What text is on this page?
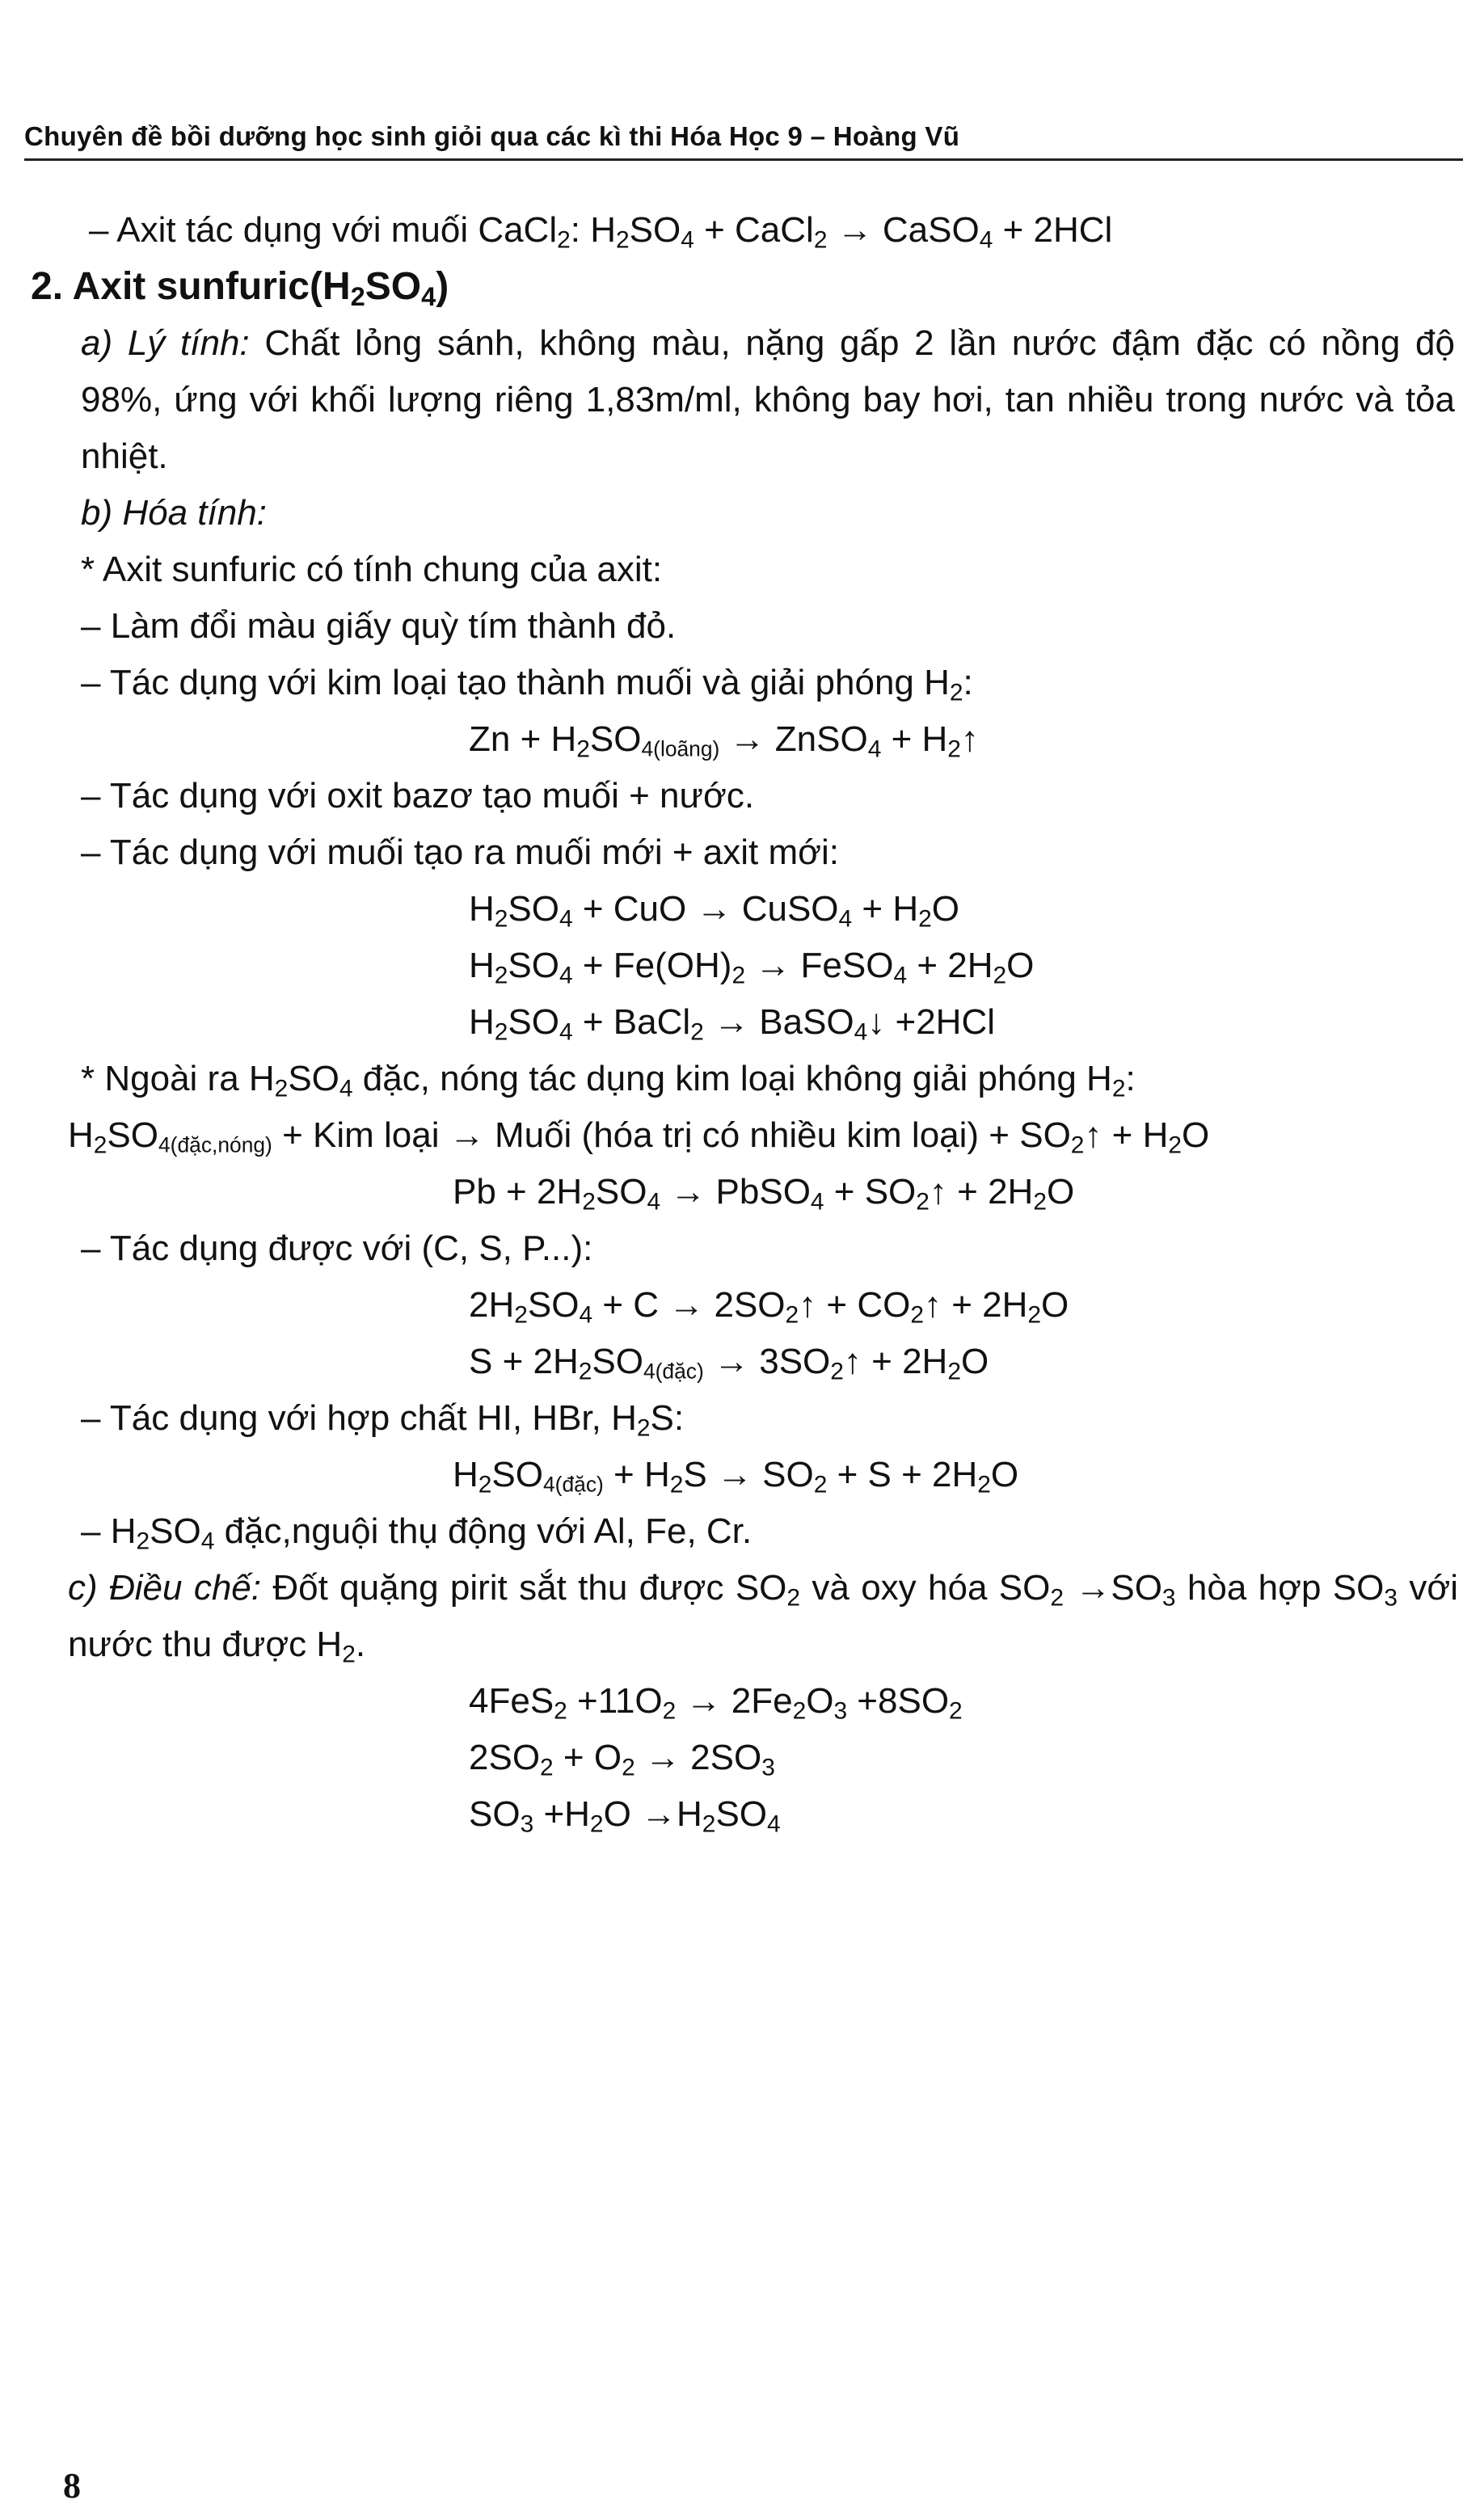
Chuyên đề bồi dưỡng học sinh giỏi qua các kì thi Hóa Học 9 – Hoàng Vũ
– Axit tác dụng với muối CaCl$_2$: $H_2SO_4$ + CaCl$_2$ → CaSO$_4$ + 2HCl
2. Axit $sunfuric(H_2SO_4)$
a) Lý tính: Chất lỏng sánh, không màu, nặng gấp 2 lần nước đậm đặc có nồng độ 98%, ứng với khối lượng riêng 1,83m/ml, không bay hơi, tan nhiều trong nước và tỏa nhiệt.
b) Hóa tính:
* Axit sunfuric có tính chung của axit:
– Làm đổi màu giấy quỳ tím thành đỏ.
– Tác dụng với kim loại tạo thành muối và giải phóng $H_2$:
$Zn + H_2SO_{4(loãng)}$ → ZnSO$_4$ + $H_2$ ↑
– Tác dụng với oxit bazơ tạo muối + nước.
– Tác dụng với muối tạo ra muối mới + axit mới:
$H_2SO_4$ + CuO → CuSO$_4$ + $H_2O$
$H_2SO_4 + Fe(OH)_2$ → FeSO$_4$ + $2H_2O$
$H_2SO_4$ + BaCl$_2$ → BaSO$_4$ ↓ +2HCl
* Ngoài ra $H_2SO_4$ đặc, nóng tác dụng kim loại không giải phóng $H_2$:
$H_2SO_{4(đặc,nóng)}$ + Kim loại → Muối (hóa trị có nhiều kim loại) + $SO_2$ ↑ + $H_2O$
$Pb + 2H_2SO_4$ → PbSO$_4$ + $SO_2$ ↑ + $2H_2O$
– Tác dụng được với (C, S, P...):
$2H_2SO_4 + C \to 2SO_2$ ↑ + $CO_2$ ↑ + $2H_2O$
$S + 2H_2SO_{4(đặc)} \to 3SO_2$ ↑ + $2H_2O$
– Tác dụng với hợp chất HI, HBr, $H_2S$:
$H_2SO_{4(đặc)} + H_2S \to SO_2 + S + 2H_2O$
– $H_2SO_4$ đặc,nguội thụ động với Al, Fe, Cr.
c) Điều chế: Đốt quặng pirit sắt thu được $SO_2$ và oxy hóa $SO_2 \to SO_3$ hòa hợp $SO_3$ với nước thu được $H_2$.
$4FeS_2 +11O_2 \to 2Fe_2O_3 +8SO_2$
$2SO_2 + O_2 \to 2SO_3$
$SO_3 +H_2O \to H_2SO_4$
8
